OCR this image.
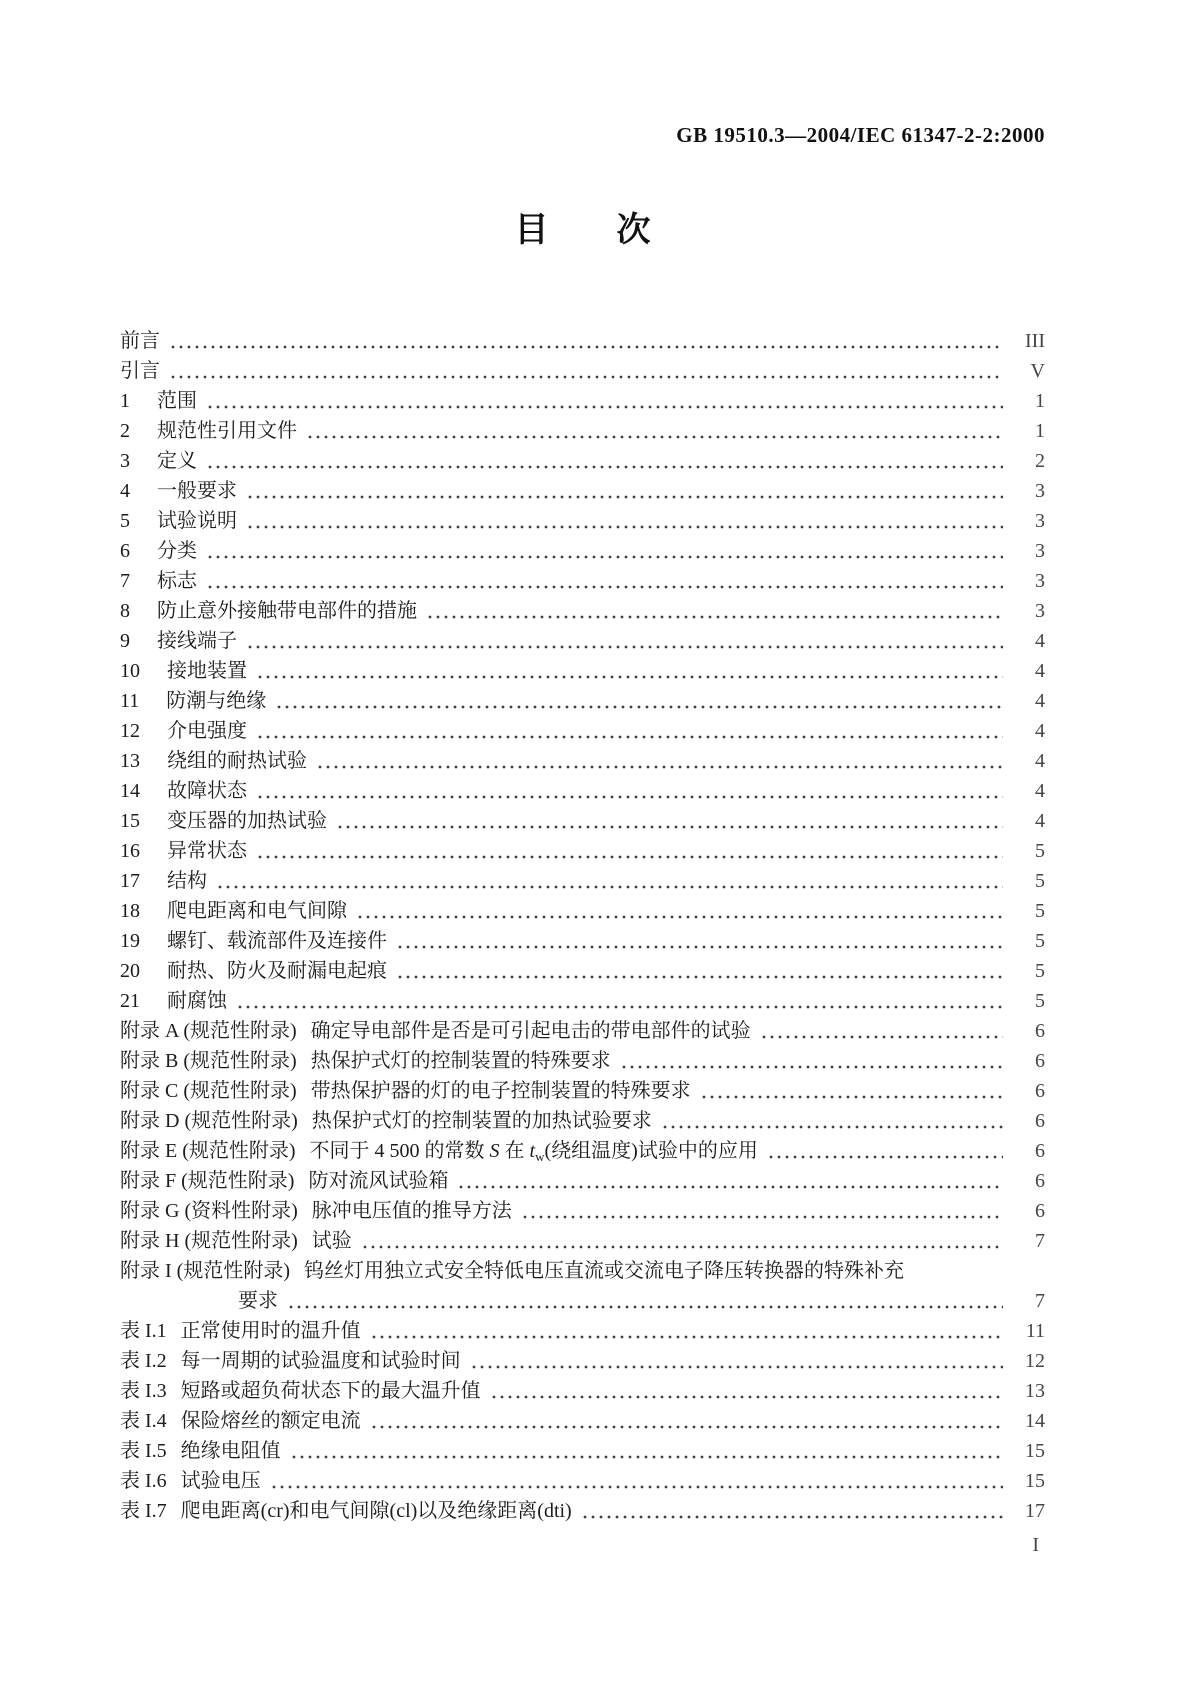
GB 19510.3—2004/IEC 61347-2-2:2000
目次
前言	III
引言	V
1 范围	1
2 规范性引用文件	1
3 定义	2
4 一般要求	3
5 试验说明	3
6 分类	3
7 标志	3
8 防止意外接触带电部件的措施	3
9 接线端子	4
10 接地装置	4
11 防潮与绝缘	4
12 介电强度	4
13 绕组的耐热试验	4
14 故障状态	4
15 变压器的加热试验	4
16 异常状态	5
17 结构	5
18 爬电距离和电气间隙	5
19 螺钉、载流部件及连接件	5
20 耐热、防火及耐漏电起痕	5
21 耐腐蚀	5
附录 A (规范性附录) 确定导电部件是否是可引起电击的带电部件的试验	6
附录 B (规范性附录) 热保护式灯的控制装置的特殊要求	6
附录 C (规范性附录) 带热保护器的灯的电子控制装置的特殊要求	6
附录 D (规范性附录) 热保护式灯的控制装置的加热试验要求	6
附录 E (规范性附录) 不同于 4 500 的常数 S 在 tw(绕组温度)试验中的应用	6
附录 F (规范性附录) 防对流风试验箱	6
附录 G (资料性附录) 脉冲电压值的推导方法	6
附录 H (规范性附录) 试验	7
附录 I (规范性附录) 钨丝灯用独立式安全特低电压直流或交流电子降压转换器的特殊补充
要求	7
表 I.1 正常使用时的温升值	11
表 I.2 每一周期的试验温度和试验时间	12
表 I.3 短路或超负荷状态下的最大温升值	13
表 I.4 保险熔丝的额定电流	14
表 I.5 绝缘电阻值	15
表 I.6 试验电压	15
表 I.7 爬电距离(cr)和电气间隙(cl)以及绝缘距离(dti)	17
I
